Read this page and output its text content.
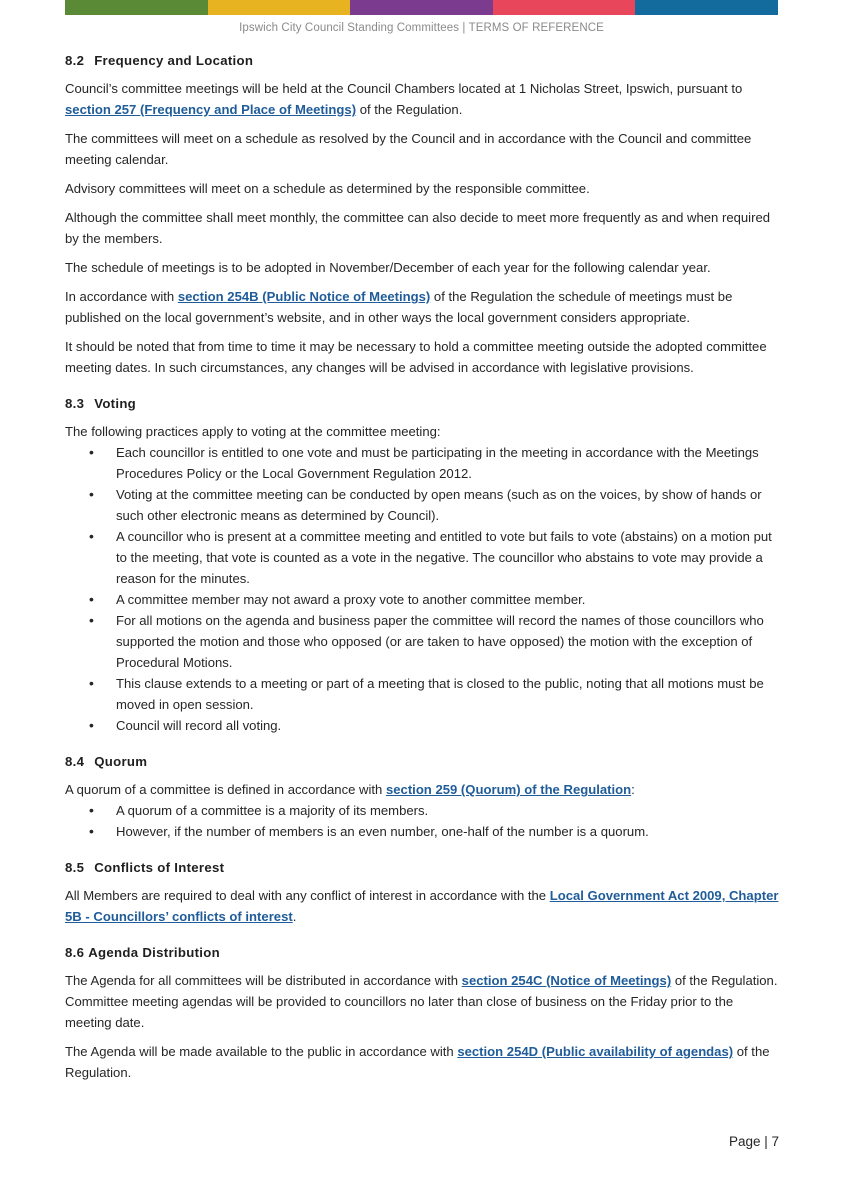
Ipswich City Council Standing Committees | TERMS OF REFERENCE
8.2 Frequency and Location

Council’s committee meetings will be held at the Council Chambers located at 1 Nicholas Street, Ipswich, pursuant to section 257 (Frequency and Place of Meetings) of the Regulation.

The committees will meet on a schedule as resolved by the Council and in accordance with the Council and committee meeting calendar.

Advisory committees will meet on a schedule as determined by the responsible committee.

Although the committee shall meet monthly, the committee can also decide to meet more frequently as and when required by the members.

The schedule of meetings is to be adopted in November/December of each year for the following calendar year.

In accordance with section 254B (Public Notice of Meetings) of the Regulation the schedule of meetings must be published on the local government’s website, and in other ways the local government considers appropriate.

It should be noted that from time to time it may be necessary to hold a committee meeting outside the adopted committee meeting dates. In such circumstances, any changes will be advised in accordance with legislative provisions.

8.3 Voting

The following practices apply to voting at the committee meeting:

• Each councillor is entitled to one vote and must be participating in the meeting in accordance with the Meetings Procedures Policy or the Local Government Regulation 2012.
• Voting at the committee meeting can be conducted by open means (such as on the voices, by show of hands or such other electronic means as determined by Council).
• A councillor who is present at a committee meeting and entitled to vote but fails to vote (abstains) on a motion put to the meeting, that vote is counted as a vote in the negative. The councillor who abstains to vote may provide a reason for the minutes.
• A committee member may not award a proxy vote to another committee member.
• For all motions on the agenda and business paper the committee will record the names of those councillors who supported the motion and those who opposed (or are taken to have opposed) the motion with the exception of Procedural Motions.
• This clause extends to a meeting or part of a meeting that is closed to the public, noting that all motions must be moved in open session.
• Council will record all voting.
8.4 Quorum

A quorum of a committee is defined in accordance with section 259 (Quorum) of the Regulation:

• A quorum of a committee is a majority of its members.
• However, if the number of members is an even number, one-half of the number is a quorum.
8.5 Conflicts of Interest

All Members are required to deal with any conflict of interest in accordance with the Local Government Act 2009, Chapter 5B - Councillors’ conflicts of interest.

8.6 Agenda Distribution

The Agenda for all committees will be distributed in accordance with section 254C (Notice of Meetings) of the Regulation. Committee meeting agendas will be provided to councillors no later than close of business on the Friday prior to the meeting date.

The Agenda will be made available to the public in accordance with section 254D (Public availability of agendas) of the Regulation.

Page | 7
